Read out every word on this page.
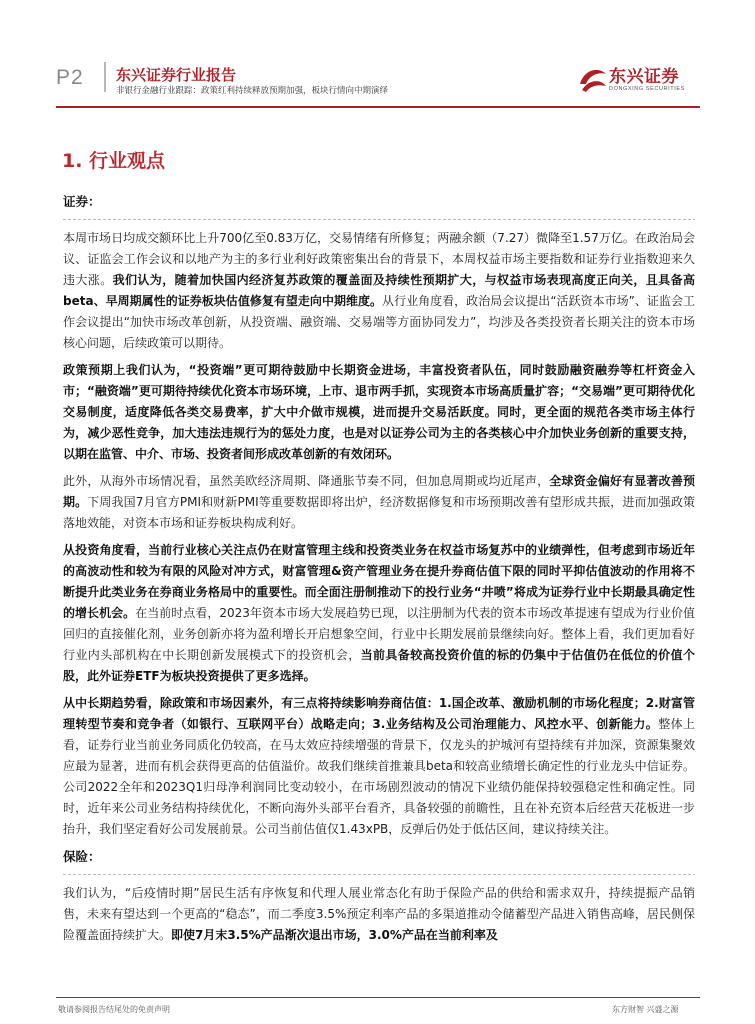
P2 东兴证券行业报告
非银行金融行业跟踪：政策红利持续释放预期加强，板块行情向中期演绎
东兴证券
DONGXING SECURITIES
1. 行业观点
证券：

本周市场日均成交额环比上升700亿至0.83万亿，交易情绪有所修复；两融余额（7.27）微降至1.57万亿。在政治局会议、证监会工作会议和以地产为主的多行业利好政策密集出台的背景下，本周权益市场主要指数和证券行业指数迎来久违大涨。我们认为，随着加快国内经济复苏政策的覆盖面及持续性预期扩大，与权益市场表现高度正向关，且具备高beta、早周期属性的证券板块估值修复有望走向中期维度。从行业角度看，政治局会议提出“活跃资本市场”、证监会工作会议提出“加快市场改革创新，从投资端、融资端、交易端等方面协同发力”，均涉及各类投资者长期关注的资本市场核心问题，后续政策可以期待。

政策预期上我们认为，“投资端”更可期待鼓励中长期资金进场，丰富投资者队伍，同时鼓励融资融券等杠杆资金入市；“融资端”更可期待持续优化资本市场环境，上市、退市两手抓，实现资本市场高质量扩容；“交易端”更可期待优化交易制度，适度降低各类交易费率，扩大中介做市规模，进而提升交易活跃度。同时，更全面的规范各类市场主体行为，减少恶性竞争，加大违法违规行为的惩处力度，也是对以证券公司为主的各类核心中介加快业务创新的重要支持，以期在监管、中介、市场、投资者间形成改革创新的有效闭环。

此外，从海外市场情况看，虽然美欧经济周期、降通胀节奏不同，但加息周期或均近尾声，全球资金偏好有显著改善预期。下周我国7月官方PMI和财新PMI等重要数据即将出炉，经济数据修复和市场预期改善有望形成共振，进而加强政策落地效能，对资本市场和证券板块构成利好。

从投资角度看，当前行业核心关注点仍在财富管理主线和投资类业务在权益市场复苏中的业绩弹性，但考虑到市场近年的高波动性和较为有限的风险对冲方式，财富管理&资产管理业务在提升券商估值下限的同时平抑估值波动的作用将不断提升此类业务在券商业务格局中的重要性。而全面注册制推动下的投行业务“井喷”将成为证券行业中长期最具确定性的增长机会。在当前时点看，2023年资本市场大发展趋势已现，以注册制为代表的资本市场改革提速有望成为行业价值回归的直接催化剂，业务创新亦将为盈利增长开启想象空间，行业中长期发展前景继续向好。整体上看，我们更加看好行业内头部机构在中长期创新发展模式下的投资机会，当前具备较高投资价值的标的仍集中于估值仍在低位的价值个股，此外证券ETF为板块投资提供了更多选择。

从中长期趋势看，除政策和市场因素外，有三点将持续影响券商估值：1.国企改革、激励机制的市场化程度；2.财富管理转型节奏和竞争者（如银行、互联网平台）战略走向；3.业务结构及公司治理能力、风控水平、创新能力。整体上看，证券行业当前业务同质化仍较高，在马太效应持续增强的背景下，仅龙头的护城河有望持续有并加深，资源集聚效应最为显著，进而有机会获得更高的估值溢价。故我们继续首推兼具beta和较高业绩增长确定性的行业龙头中信证券。公司2022全年和2023Q1归母净利润同比变动较小，在市场剧烈波动的情况下业绩仍能保持较强稳定性和确定性。同时，近年来公司业务结构持续优化，不断向海外头部平台看齐，具备较强的前瞻性，且在补充资本后经营天花板进一步抬升，我们坚定看好公司发展前景。公司当前估值仅1.43xPB，反弹后仍处于低估区间，建议持续关注。

保险：

我们认为，“后疫情时期”居民生活有序恢复和代理人展业常态化有助于保险产品的供给和需求双升，持续提振产品销售，未来有望达到一个更高的“稳态”，而二季度3.5%预定利率产品的多渠道推动令储蓄型产品进入销售高峰，居民侧保险覆盖面持续扩大。即使7月末3.5%产品渐次退出市场，3.0%产品在当前利率及

敬请参阅报告结尾处的免责声明	东方财智 兴盛之源
